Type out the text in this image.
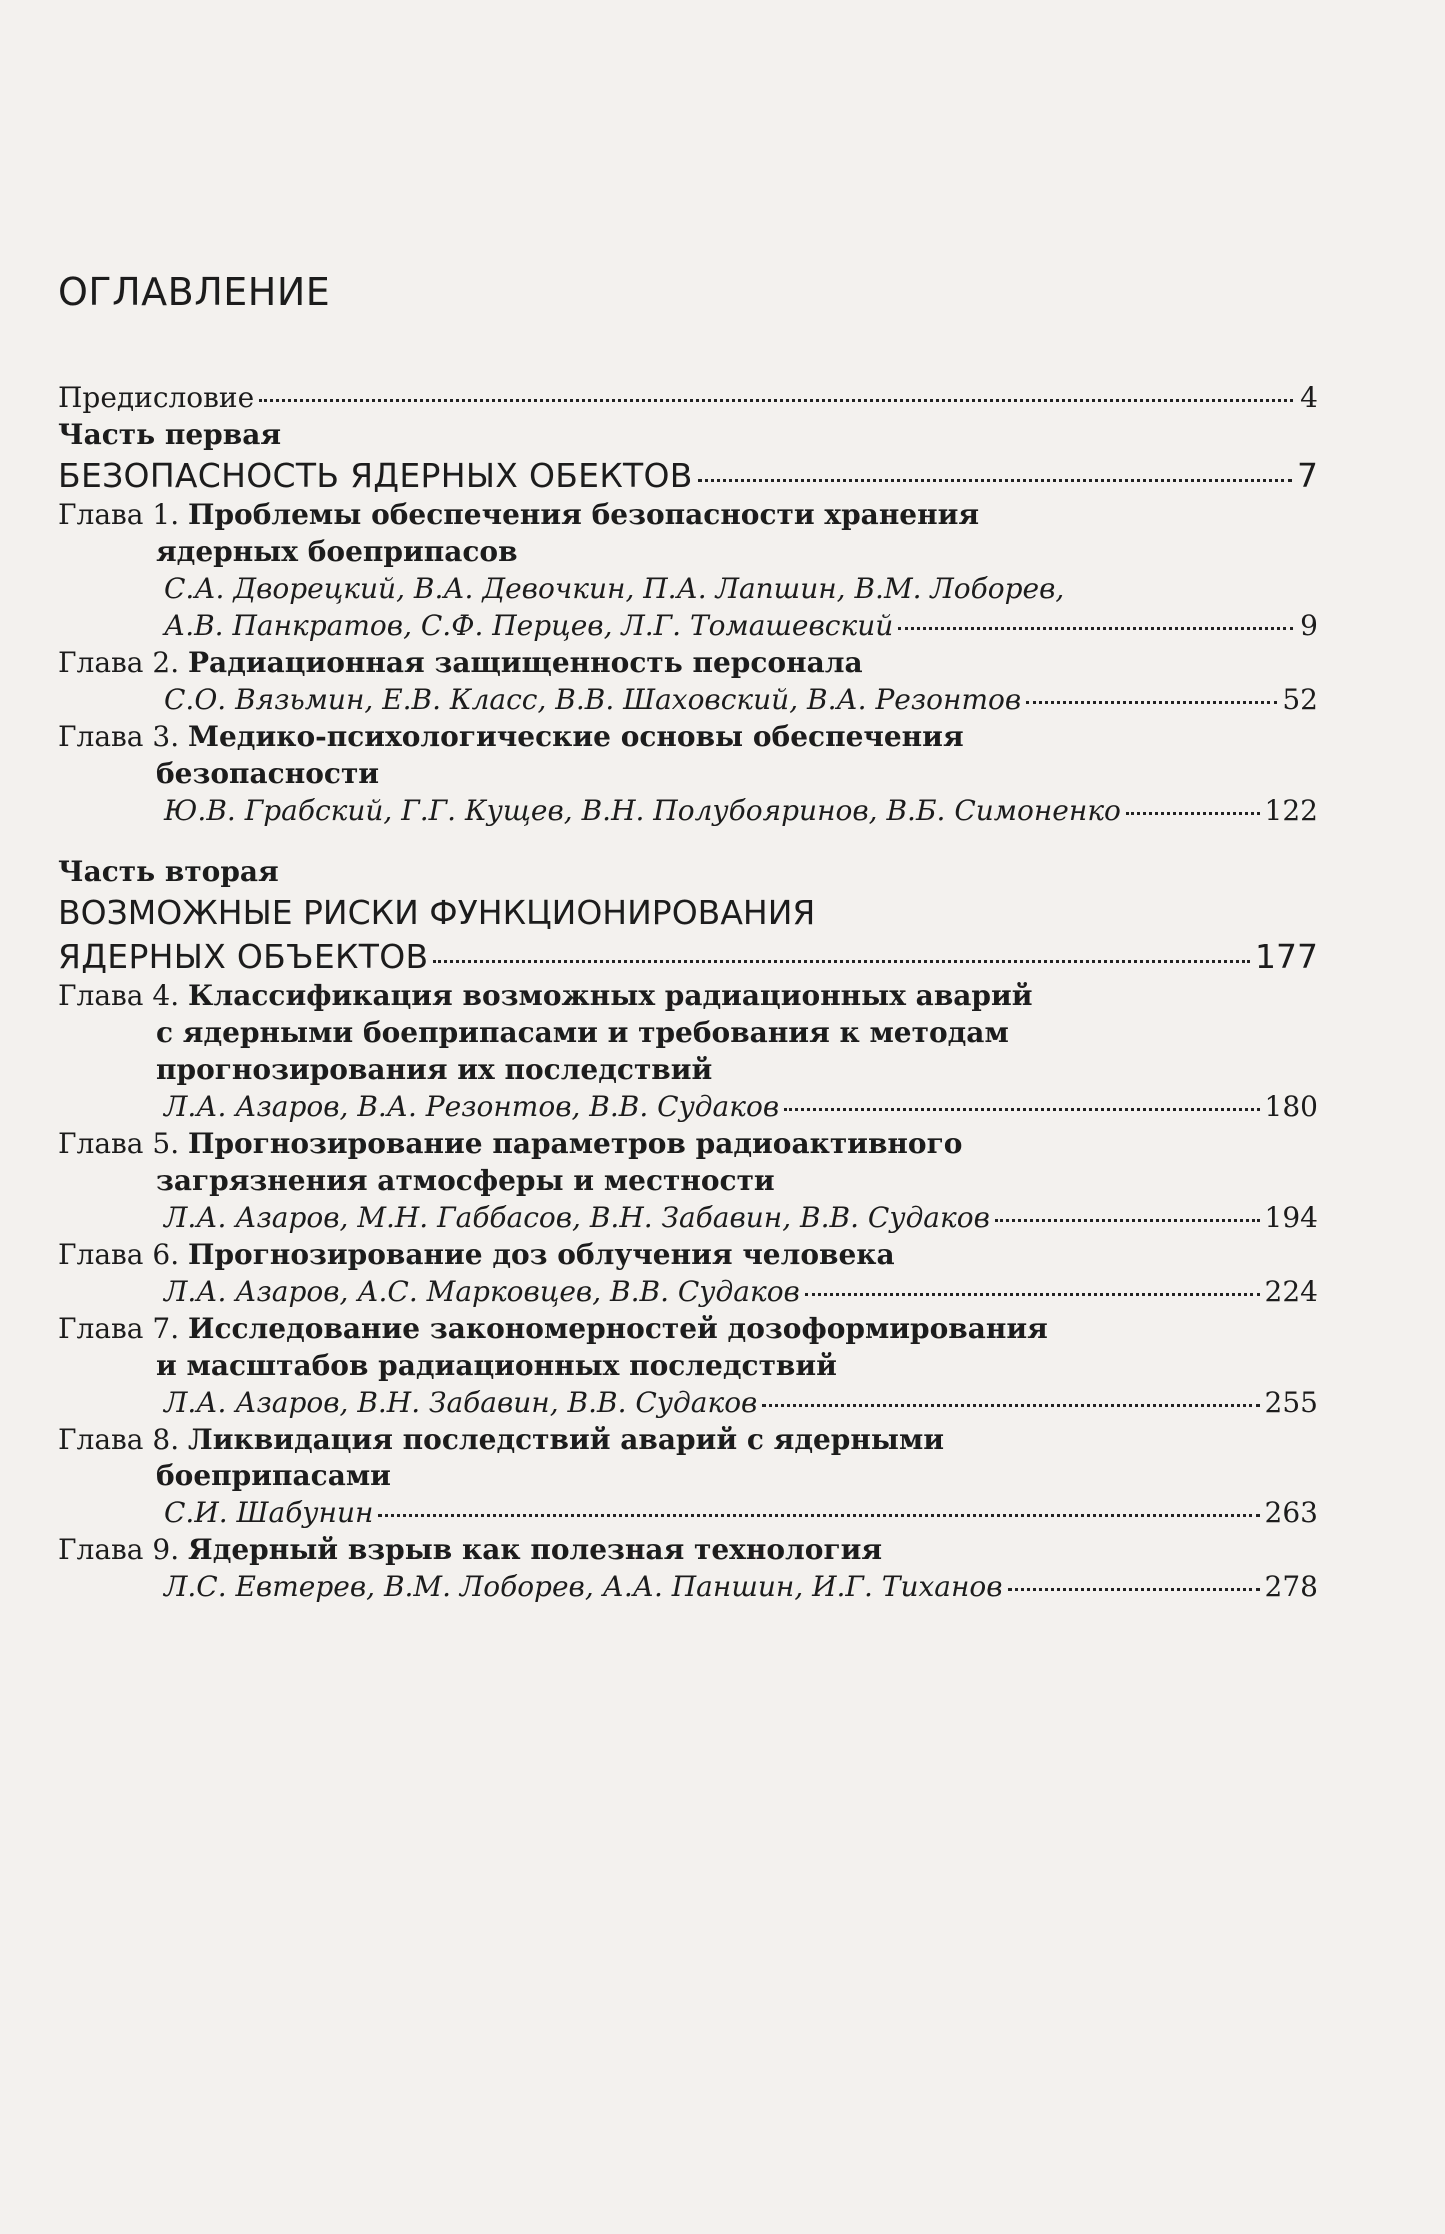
ОГЛАВЛЕНИЕ
Предисловие	4
Часть первая
БЕЗОПАСНОСТЬ ЯДЕРНЫХ ОБЕКТОВ	7
Глава 1. Проблемы обеспечения безопасности хранения
ядерных боеприпасов
С.А. Дворецкий, В.А. Девочкин, П.А. Лапшин, В.М. Лоборев,
А.В. Панкратов, С.Ф. Перцев, Л.Г. Томашевский	9
Глава 2. Радиационная защищенность персонала
С.О. Вязьмин, Е.В. Класс, В.В. Шаховский, В.А. Резонтов	52
Глава 3. Медико-психологические основы обеспечения
безопасности
Ю.В. Грабский, Г.Г. Кущев, В.Н. Полубояринов, В.Б. Симоненко	122
Часть вторая
ВОЗМОЖНЫЕ РИСКИ ФУНКЦИОНИРОВАНИЯ
ЯДЕРНЫХ ОБЪЕКТОВ	177
Глава 4. Классификация возможных радиационных аварий
с ядерными боеприпасами и требования к методам
прогнозирования их последствий
Л.А. Азаров, В.А. Резонтов, В.В. Судаков	180
Глава 5. Прогнозирование параметров радиоактивного
загрязнения атмосферы и местности
Л.А. Азаров, М.Н. Габбасов, В.Н. Забавин, В.В. Судаков	194
Глава 6. Прогнозирование доз облучения человека
Л.А. Азаров, А.С. Марковцев, В.В. Судаков	224
Глава 7. Исследование закономерностей дозоформирования
и масштабов радиационных последствий
Л.А. Азаров, В.Н. Забавин, В.В. Судаков	255
Глава 8. Ликвидация последствий аварий с ядерными
боеприпасами
С.И. Шабунин	263
Глава 9. Ядерный взрыв как полезная технология
Л.С. Евтерев, В.М. Лоборев, А.А. Паншин, И.Г. Тиханов	278
